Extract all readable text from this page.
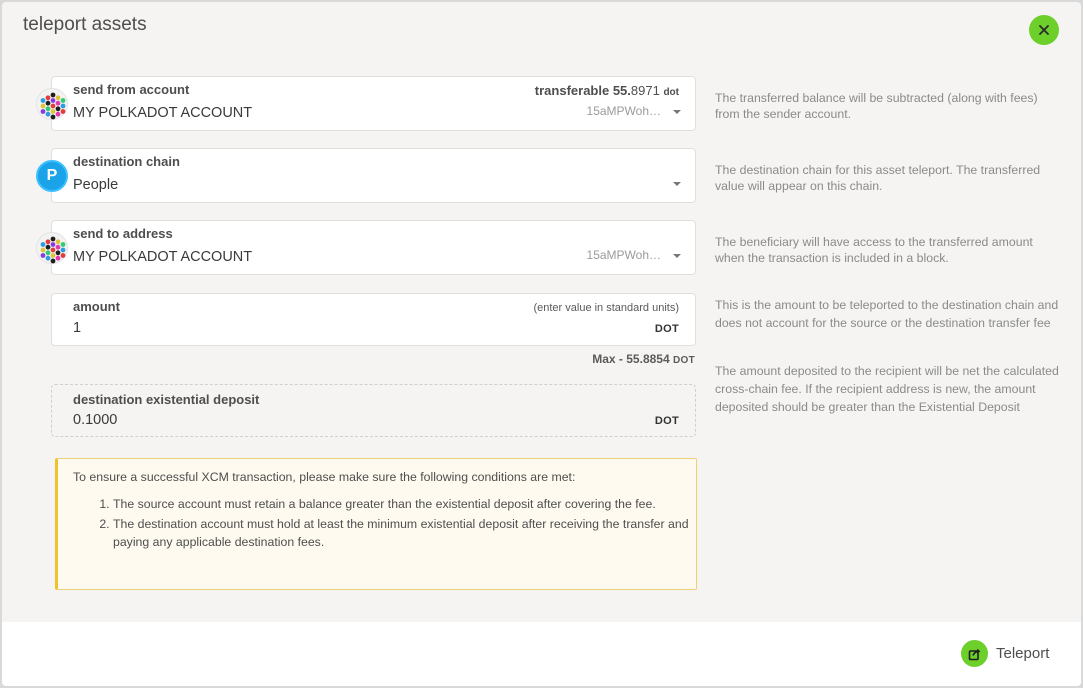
teleport assets
send from account	transferable 55.8971 dot
MY POLKADOT ACCOUNT	15aMPWoh…
The transferred balance will be subtracted (along with fees) from the sender account.
P
destination chain
People
The destination chain for this asset teleport. The transferred value will appear on this chain.
send to address
MY POLKADOT ACCOUNT	15aMPWoh…
The beneficiary will have access to the transferred amount when the transaction is included in a block.
amount	(enter value in standard units)
1	DOT
Max - 55.8854 DOT
This is the amount to be teleported to the destination chain and does not account for the source or the destination transfer fee
destination existential deposit
0.1000	DOT
The amount deposited to the recipient will be net the calculated cross-chain fee. If the recipient address is new, the amount deposited should be greater than the Existential Deposit
To ensure a successful XCM transaction, please make sure the following conditions are met:
1. The source account must retain a balance greater than the existential deposit after covering the fee.
2. The destination account must hold at least the minimum existential deposit after receiving the transfer and paying any applicable destination fees.
Teleport
